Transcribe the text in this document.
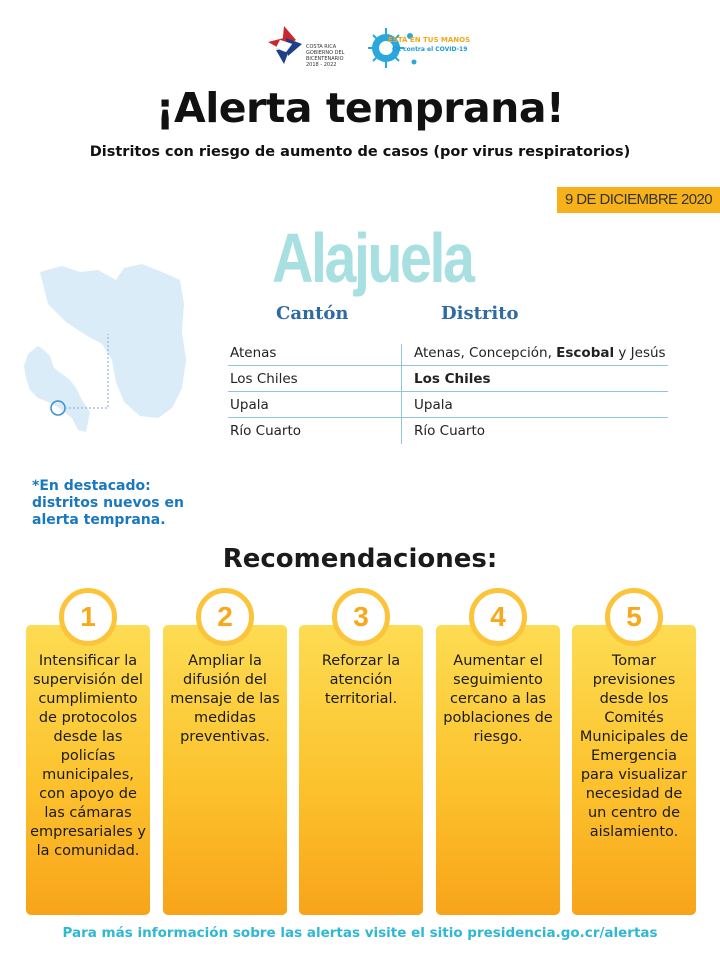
COSTA RICA
GOBIERNO DEL BICENTENARIO
2018 - 2022
ESTÁ EN TUS MANOS
CR contra el COVID-19
¡Alerta temprana!
Distritos con riesgo de aumento de casos (por virus respiratorios)
9 DE DICIEMBRE 2020
Alajuela
Cantón	Distrito
Atenas	Atenas, Concepción, Escobal y Jesús
Los Chiles	Los Chiles
Upala	Upala
Río Cuarto	Río Cuarto
*En destacado: distritos nuevos en alerta temprana.
Recomendaciones:
Intensificar la supervisión del cumplimiento de protocolos desde las policías municipales, con apoyo de las cámaras empresariales y la comunidad.
1
Ampliar la difusión del mensaje de las medidas preventivas.
2
Reforzar la atención territorial.
3
Aumentar el seguimiento cercano a las poblaciones de riesgo.
4
Tomar previsiones desde los Comités Municipales de Emergencia para visualizar necesidad de un centro de aislamiento.
5
Para más información sobre las alertas visite el sitio presidencia.go.cr/alertas
